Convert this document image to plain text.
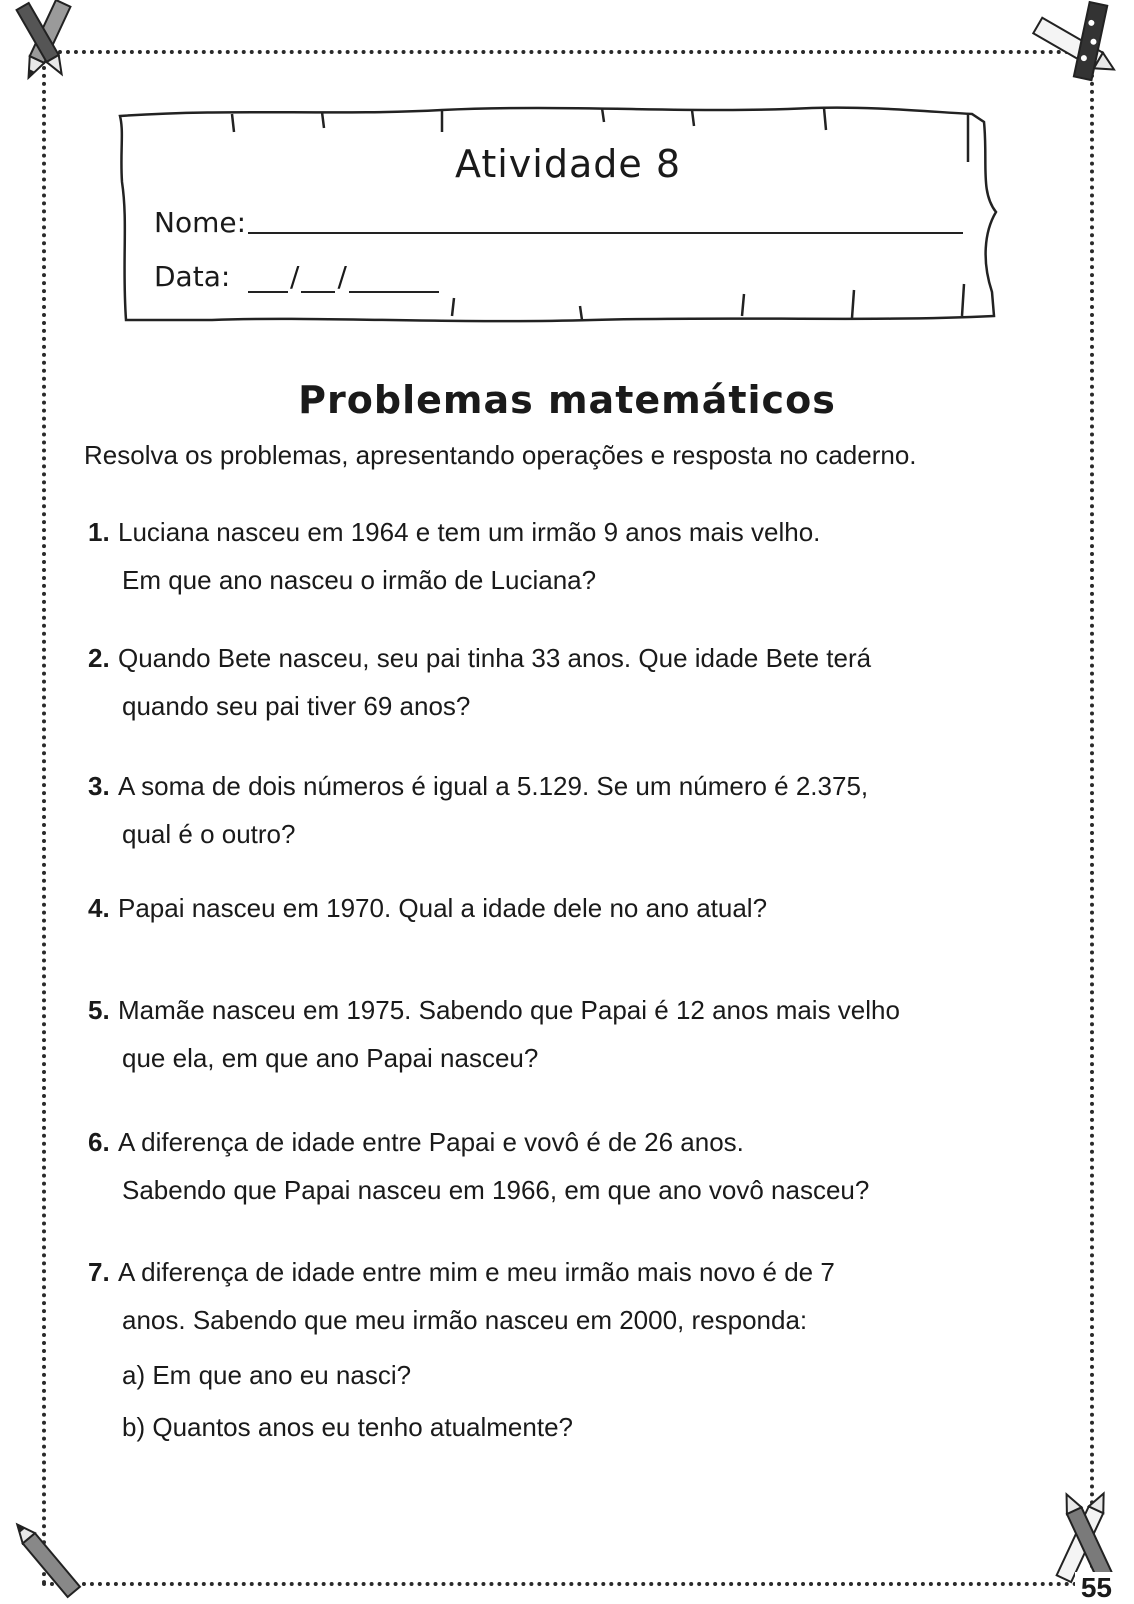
Atividade 8
Nome:
Data: / /
Problemas matemáticos
Resolva os problemas, apresentando operações e resposta no caderno.
1. Luciana nasceu em 1964 e tem um irmão 9 anos mais velho.
Em que ano nasceu o irmão de Luciana?
2. Quando Bete nasceu, seu pai tinha 33 anos. Que idade Bete terá
quando seu pai tiver 69 anos?
3. A soma de dois números é igual a 5.129. Se um número é 2.375,
qual é o outro?
4. Papai nasceu em 1970. Qual a idade dele no ano atual?
5. Mamãe nasceu em 1975. Sabendo que Papai é 12 anos mais velho
que ela, em que ano Papai nasceu?
6. A diferença de idade entre Papai e vovô é de 26 anos.
Sabendo que Papai nasceu em 1966, em que ano vovô nasceu?
7. A diferença de idade entre mim e meu irmão mais novo é de 7
anos. Sabendo que meu irmão nasceu em 2000, responda:
a) Em que ano eu nasci?
b) Quantos anos eu tenho atualmente?
55
